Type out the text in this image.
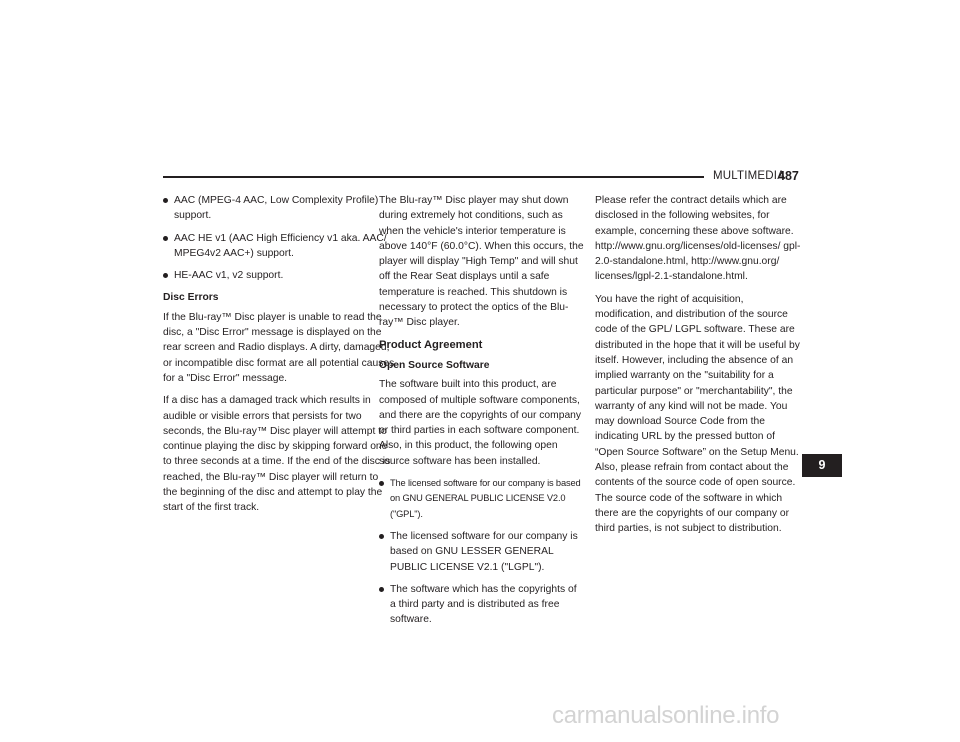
MULTIMEDIA
487
AAC (MPEG-4 AAC, Low Complexity Profile) support.
AAC HE v1 (AAC High Efficiency v1 aka. AAC/ MPEG4v2 AAC+) support.
HE-AAC v1, v2 support.
Disc Errors

If the Blu-ray™ Disc player is unable to read the disc, a "Disc Error" message is displayed on the rear screen and Radio displays. A dirty, damaged, or incompatible disc format are all potential causes for a "Disc Error" message.

If a disc has a damaged track which results in audible or visible errors that persists for two seconds, the Blu-ray™ Disc player will attempt to continue playing the disc by skipping forward one to three seconds at a time. If the end of the disc is reached, the Blu-ray™ Disc player will return to the beginning of the disc and attempt to play the start of the first track.

The Blu-ray™ Disc player may shut down during extremely hot conditions, such as when the vehicle's interior temperature is above 140°F (60.0°C). When this occurs, the player will display "High Temp" and will shut off the Rear Seat displays until a safe temperature is reached. This shutdown is necessary to protect the optics of the Blu-ray™ Disc player.

Product Agreement
Open Source Software

The software built into this product, are composed of multiple software components, and there are the copyrights of our company or third parties in each software component. Also, in this product, the following open source software has been installed.

The licensed software for our company is based on GNU GENERAL PUBLIC LICENSE V2.0 ("GPL").
The licensed software for our company is based on GNU LESSER GENERAL PUBLIC LICENSE V2.1 ("LGPL").
The software which has the copyrights of a third party and is distributed as free software.

Please refer the contract details which are disclosed in the following websites, for example, concerning these above software. http://www.gnu.org/licenses/old-licenses/ gpl-2.0-standalone.html, http://www.gnu.org/ licenses/lgpl-2.1-standalone.html.

You have the right of acquisition, modification, and distribution of the source code of the GPL/ LGPL software. These are distributed in the hope that it will be useful by itself. However, including the absence of an implied warranty on the "suitability for a particular purpose" or "merchantability", the warranty of any kind will not be made. You may download Source Code from the indicating URL by the pressed button of “Open Source Software” on the Setup Menu. Also, please refrain from contact about the contents of the source code of open source. The source code of the software in which there are the copyrights of our company or third parties, is not subject to distribution.

9
carmanualsonline.info
